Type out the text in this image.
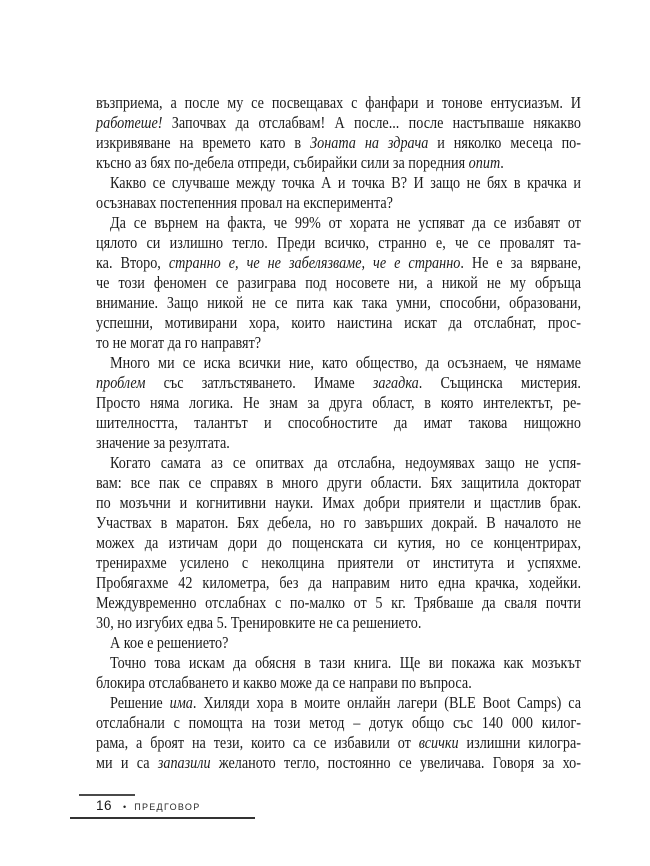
възприема, а после му се посвещавах с фанфари и тонове ентусиазъм. И
работеше! Започвах да отслабвам! А после... после настъпваше някакво
изкривяване на времето като в Зоната на здрача и няколко месеца по-
късно аз бях по-дебела отпреди, събирайки сили за поредния опит.
Какво се случваше между точка А и точка В? И защо не бях в крачка и
осъзнавах постепенния провал на експеримента?
Да се върнем на факта, че 99% от хората не успяват да се избавят от
цялото си излишно тегло. Преди всичко, странно е, че се провалят та-
ка. Второ, странно е, че не забелязваме, че е странно. Не е за вярване,
че този феномен се разиграва под носовете ни, а никой не му обръща
внимание. Защо никой не се пита как така умни, способни, образовани,
успешни, мотивирани хора, които наистина искат да отслабнат, прос-
то не могат да го направят?
Много ми се иска всички ние, като общество, да осъзнаем, че нямаме
проблем със затлъстяването. Имаме загадка. Същинска мистерия.
Просто няма логика. Не знам за друга област, в която интелектът, ре-
шителността, талантът и способностите да имат такова нищожно
значение за резултата.
Когато самата аз се опитвах да отслабна, недоумявах защо не успя-
вам: все пак се справях в много други области. Бях защитила докторат
по мозъчни и когнитивни науки. Имах добри приятели и щастлив брак.
Участвах в маратон. Бях дебела, но го завърших докрай. В началото не
можех да изтичам дори до пощенската си кутия, но се концентрирах,
тренирахме усилено с неколцина приятели от института и успяхме.
Пробягахме 42 километра, без да направим нито една крачка, ходейки.
Междувременно отслабнах с по-малко от 5 кг. Трябваше да сваля почти
30, но изгубих едва 5. Тренировките не са решението.
А кое е решението?
Точно това искам да обясня в тази книга. Ще ви покажа как мозъкът
блокира отслабването и какво може да се направи по въпроса.
Решение има. Хиляди хора в моите онлайн лагери (BLE Boot Camps) са
отслабнали с помощта на този метод – дотук общо със 140 000 килог-
рама, а броят на тези, които са се избавили от всички излишни килогра-
ми и са запазили желаното тегло, постоянно се увеличава. Говоря за хо-
16 • ПРЕДГОВОР
